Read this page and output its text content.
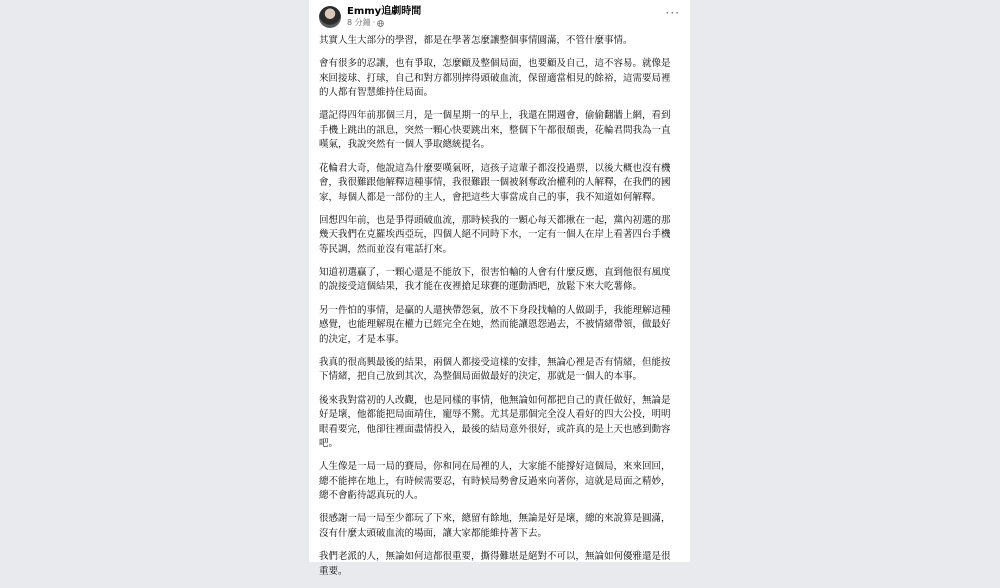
Emmy追劇時間
8 分鐘 ·
···

其實人生大部分的學習，都是在學著怎麼讓整個事情圓滿，不管什麼事情。

會有很多的忍讓，也有爭取，怎麼顧及整個局面，也要顧及自己，這不容易。就像是來回接球、打球，自己和對方都別摔得頭破血流，保留適當相見的餘裕，這需要局裡的人都有智慧維持住局面。

還記得四年前那個三月，是一個星期一的早上，我還在開週會，偷偷翻牆上網，看到手機上跳出的訊息，突然一顆心快要跳出來，整個下午都很頹喪，花輪君問我為一直嘆氣，我說突然有一個人爭取總統提名。

花輪君大奇，他說這為什麼要嘆氣呀，這孩子這輩子都沒投過票，以後大概也沒有機會，我很難跟他解釋這種事情，我很難跟一個被剝奪政治權利的人解釋，在我們的國家，每個人都是一部份的主人，會把這些大事當成自己的事，我不知道如何解釋。

回想四年前，也是爭得頭破血流，那時候我的一顆心每天都揪在一起，黨內初選的那幾天我們在克羅埃西亞玩，四個人絕不同時下水，一定有一個人在岸上看著四台手機等民調，然而並沒有電話打來。

知道初選贏了，一顆心還是不能放下，很害怕輸的人會有什麼反應，直到他很有風度的說接受這個結果，我才能在夜裡搶足球賽的運動酒吧，放鬆下來大吃薯條。

另一件怕的事情，是贏的人還挾帶怨氣，放不下身段找輸的人做副手，我能理解這種感覺，也能理解現在權力已經完全在她，然而能讓恩怨過去，不被情緒帶領，做最好的決定，才是本事。

我真的很高興最後的結果，兩個人都接受這樣的安排，無論心裡是否有情緒，但能按下情緒，把自己放到其次，為整個局面做最好的決定，那就是一個人的本事。

後來我對當初的人改觀，也是同樣的事情，他無論如何都把自己的責任做好，無論是好是壞，他都能把局面靖住，寵辱不驚。尤其是那個完全沒人看好的四大公投，明明眼看要完，他卻往裡面盡情投入，最後的結局意外很好，或許真的是上天也感到動容吧。

人生像是一局一局的賽局，你和同在局裡的人，大家能不能撐好這個局，來來回回，總不能摔在地上，有時候需要忍，有時候局勢會反過來向著你，這就是局面之精妙，總不會虧待認真玩的人。

很感謝一局一局至少都玩了下來，總留有餘地，無論是好是壞，總的來說算是圓滿，沒有什麼太頭破血流的場面，讓大家都能維持著下去。

我們老派的人，無論如何這都很重要，撕得難堪是絕對不可以，無論如何優雅還是很重要。
